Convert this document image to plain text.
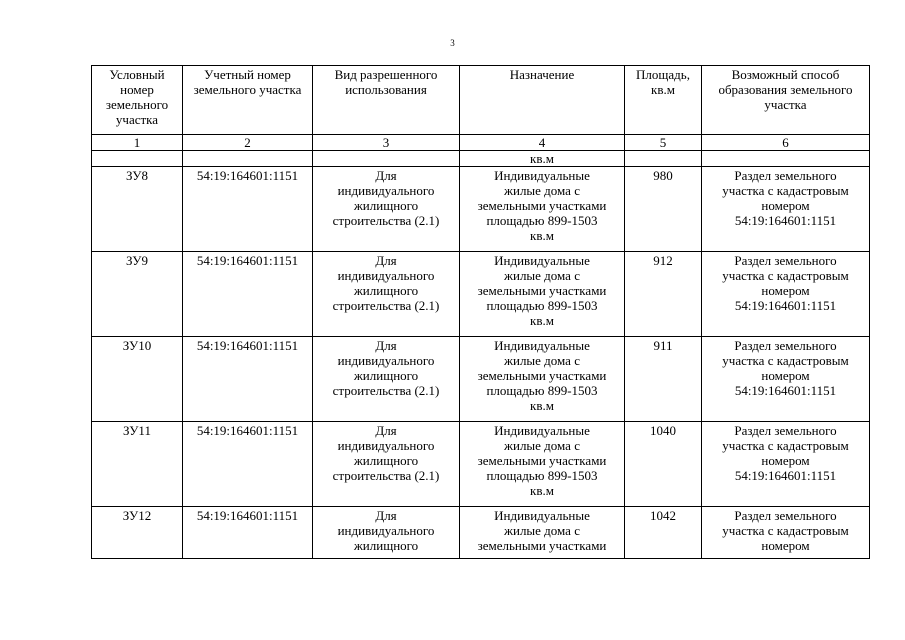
3
Условный номер земельного участка	Учетный номер земельного участка	Вид разрешенного использования	Назначение	Площадь, кв.м	Возможный способ образования земельного участка

1	2	3	4	5	6
			кв.м		
ЗУ8	54:19:164601:1151	Для
индивидуального
жилищного
строительства (2.1)	Индивидуальные
жилые дома с
земельными участками
площадью 899-1503
кв.м	980	Раздел земельного
участка с кадастровым
номером
54:19:164601:1151

ЗУ9	54:19:164601:1151	Для
индивидуального
жилищного
строительства (2.1)	Индивидуальные
жилые дома с
земельными участками
площадью 899-1503
кв.м	912	Раздел земельного
участка с кадастровым
номером
54:19:164601:1151

ЗУ10	54:19:164601:1151	Для
индивидуального
жилищного
строительства (2.1)	Индивидуальные
жилые дома с
земельными участками
площадью 899-1503
кв.м	911	Раздел земельного
участка с кадастровым
номером
54:19:164601:1151

ЗУ11	54:19:164601:1151	Для
индивидуального
жилищного
строительства (2.1)	Индивидуальные
жилые дома с
земельными участками
площадью 899-1503
кв.м	1040	Раздел земельного
участка с кадастровым
номером
54:19:164601:1151

ЗУ12	54:19:164601:1151	Для
индивидуального
жилищного	Индивидуальные
жилые дома с
земельными участками	1042	Раздел земельного
участка с кадастровым
номером
